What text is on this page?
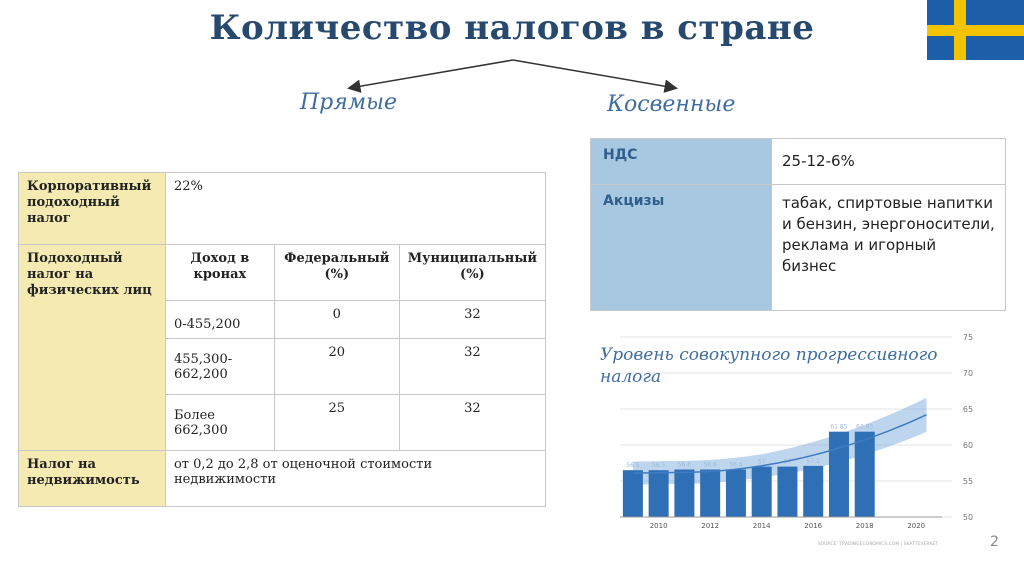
Количество налогов в стране
Прямые	Косвенные
Корпоративный подоходный налог	22%		
Подоходный налог на физических лиц	Доход в кронах	Федеральный (%)	Муниципальный (%)
	0-455,200	0	32
	455,300-662,200	20	32
	Более 662,300	25	32
Налог на недвижимость	от 0,2 до 2,8 от оценочной стоимости недвижимости		
НДС	25-12-6%
Акцизы	табак, спиртовые напитки и бензин, энергоносители, реклама и игорный бизнес
50
55
60
65
70
75
56.5 56.5 56.6 56.6 56.6	57	57	57.1
61.85 61.85
2010	2012	2014	2016	2018	2020
SOURCE: TRADINGECONOMICS.COM | SKATTEVERKET
Уровень совокупного прогрессивного налога
2
